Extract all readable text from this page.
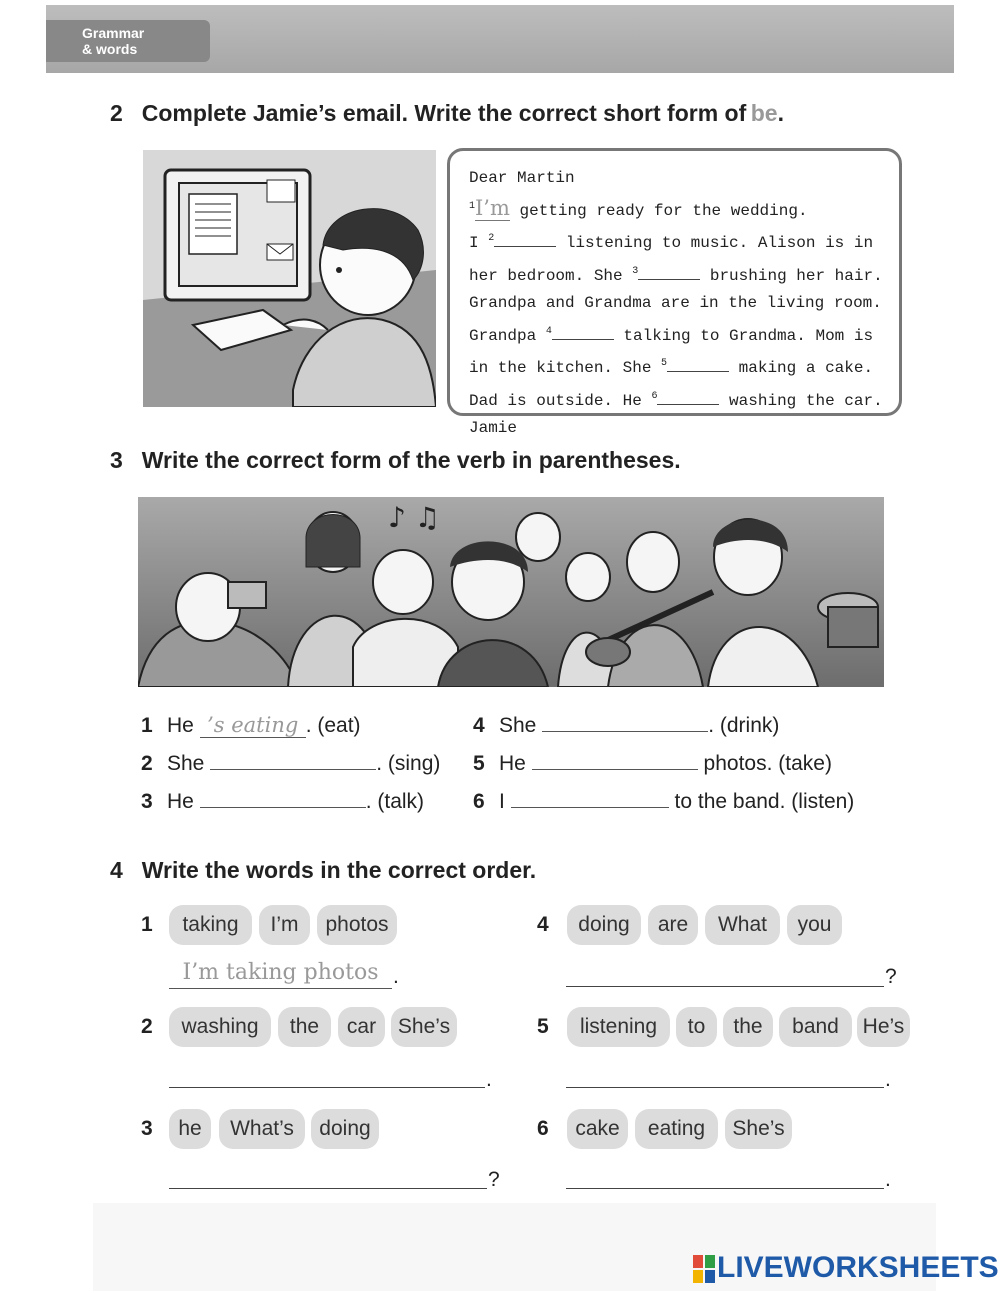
Grammar
& words
2 Complete Jamie’s email. Write the correct short form of be.
Dear Martin
$^1$I’m getting ready for the wedding.
I $^2$	listening to music. Alison is in
her bedroom. She $^3$	brushing her hair.
Grandpa and Grandma are in the living room.
Grandpa $^4$	talking to Grandma. Mom is
in the kitchen. She $^5$	making a cake.
Dad is outside. He $^6$	washing the car.
Jamie
3 Write the correct form of the verb in parentheses.
♪ ♫
1 He ’s eating . (eat)
2 She	. (sing)
3 He	. (talk)
4 She	. (drink)
5 He	photos. (take)
6 I	to the band. (listen)
4 Write the words in the correct order.
1	taking	I’m	photos
I’m taking photos .
2	washing	the	car	She’s
.
3	he	What’s	doing
?
4	doing	are	What	you
?
5	listening	to	the	band	He’s
.
6	cake	eating	She’s
.
LIVEWORKSHEETS
